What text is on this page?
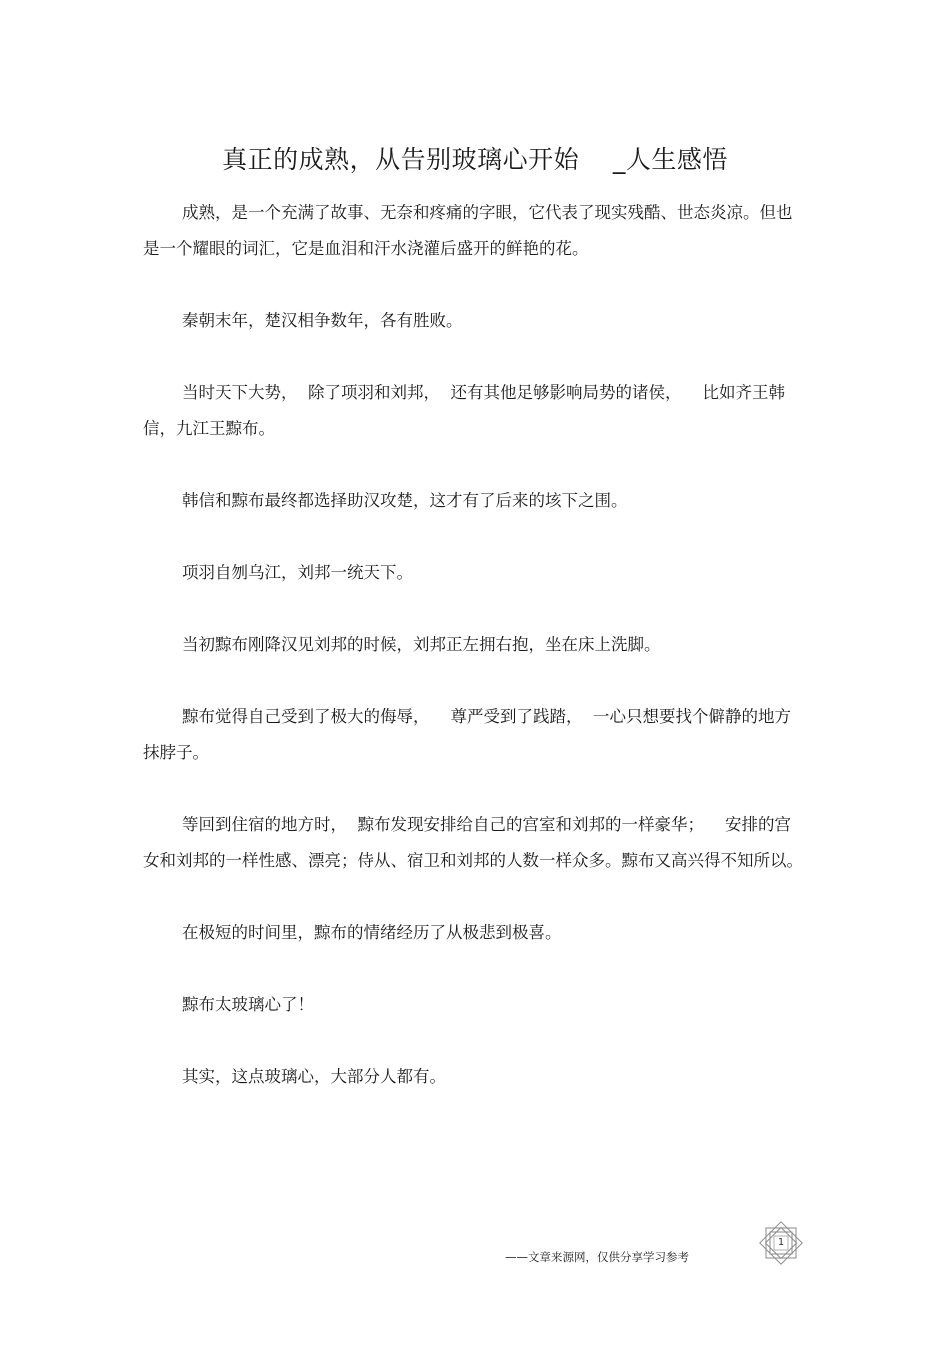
真正的成熟，从告别玻璃心开始    _人生感悟

成熟，是一个充满了故事、无奈和疼痛的字眼，它代表了现实残酷、世态炎凉。但也是一个耀眼的词汇，它是血泪和汗水浇灌后盛开的鲜艳的花。

秦朝末年，楚汉相争数年，各有胜败。

当时天下大势，  除了项羽和刘邦，  还有其他足够影响局势的诸侯，    比如齐王韩信，九江王黥布。

韩信和黥布最终都选择助汉攻楚，这才有了后来的垓下之围。

项羽自刎乌江，刘邦一统天下。

当初黥布刚降汉见刘邦的时候，刘邦正左拥右抱，坐在床上洗脚。

黥布觉得自己受到了极大的侮辱，    尊严受到了践踏，  一心只想要找个僻静的地方抹脖子。

等回到住宿的地方时，  黥布发现安排给自己的宫室和刘邦的一样豪华；    安排的宫女和刘邦的一样性感、漂亮；侍从、宿卫和刘邦的人数一样众多。黥布又高兴得不知所以。

在极短的时间里，黥布的情绪经历了从极悲到极喜。

黥布太玻璃心了！

其实，这点玻璃心，大部分人都有。

——文章来源网，仅供分享学习参考
1
